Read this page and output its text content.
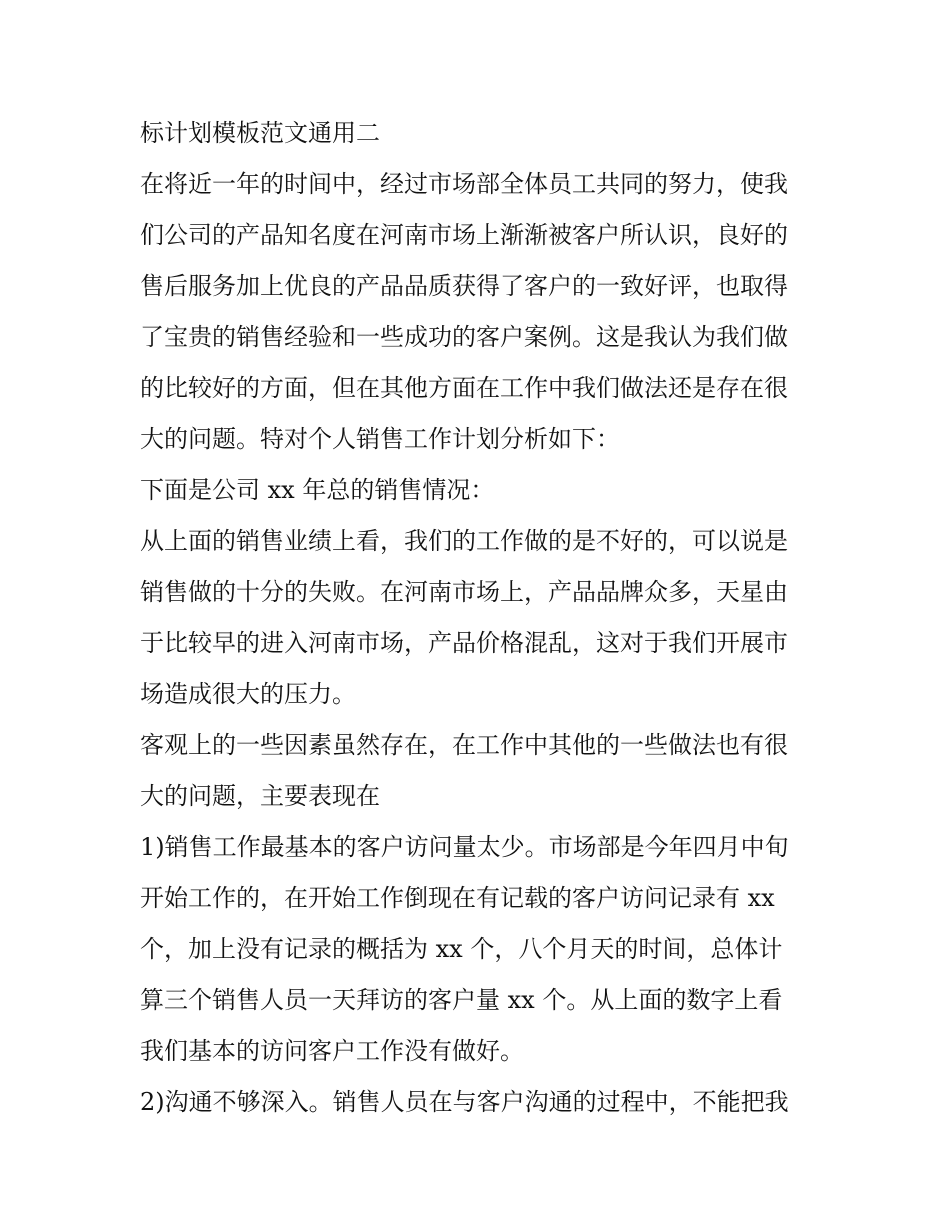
标计划模板范文通用二
在将近一年的时间中，经过市场部全体员工共同的努力，使我
们公司的产品知名度在河南市场上渐渐被客户所认识，良好的
售后服务加上优良的产品品质获得了客户的一致好评，也取得
了宝贵的销售经验和一些成功的客户案例。这是我认为我们做
的比较好的方面，但在其他方面在工作中我们做法还是存在很
大的问题。特对个人销售工作计划分析如下：
下面是公司 xx 年总的销售情况：
从上面的销售业绩上看，我们的工作做的是不好的，可以说是
销售做的十分的失败。在河南市场上，产品品牌众多，天星由
于比较早的进入河南市场，产品价格混乱，这对于我们开展市
场造成很大的压力。
客观上的一些因素虽然存在，在工作中其他的一些做法也有很
大的问题，主要表现在
1)销售工作最基本的客户访问量太少。市场部是今年四月中旬
开始工作的，在开始工作倒现在有记载的客户访问记录有 xx
个，加上没有记录的概括为 xx 个，八个月天的时间，总体计
算三个销售人员一天拜访的客户量 xx 个。从上面的数字上看
我们基本的访问客户工作没有做好。
2)沟通不够深入。销售人员在与客户沟通的过程中，不能把我
